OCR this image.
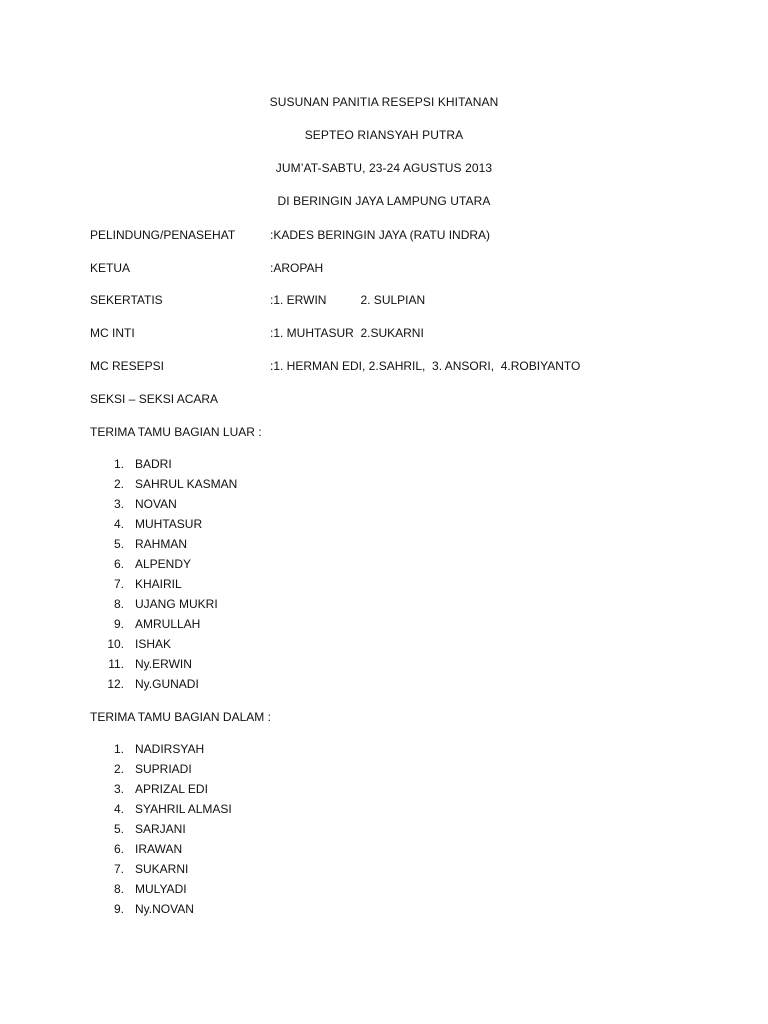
SUSUNAN PANITIA RESEPSI KHITANAN
SEPTEO RIANSYAH PUTRA
JUM’AT-SABTU, 23-24 AGUSTUS 2013
DI BERINGIN JAYA LAMPUNG UTARA
PELINDUNG/PENASEHAT	:KADES BERINGIN JAYA (RATU INDRA)
KETUA	:AROPAH
SEKERTATIS	:1. ERWIN	2. SULPIAN
MC INTI	:1. MUHTASUR  2.SUKARNI
MC RESEPSI	:1. HERMAN EDI, 2.SAHRIL,  3. ANSORI,  4.ROBIYANTO
SEKSI – SEKSI ACARA
TERIMA TAMU BAGIAN LUAR :
1. BADRI
2. SAHRUL KASMAN
3. NOVAN
4. MUHTASUR
5. RAHMAN
6. ALPENDY
7. KHAIRIL
8. UJANG MUKRI
9. AMRULLAH
10. ISHAK
11. Ny.ERWIN
12. Ny.GUNADI
TERIMA TAMU BAGIAN DALAM :
1. NADIRSYAH
2. SUPRIADI
3. APRIZAL EDI
4. SYAHRIL ALMASI
5. SARJANI
6. IRAWAN
7. SUKARNI
8. MULYADI
9. Ny.NOVAN
